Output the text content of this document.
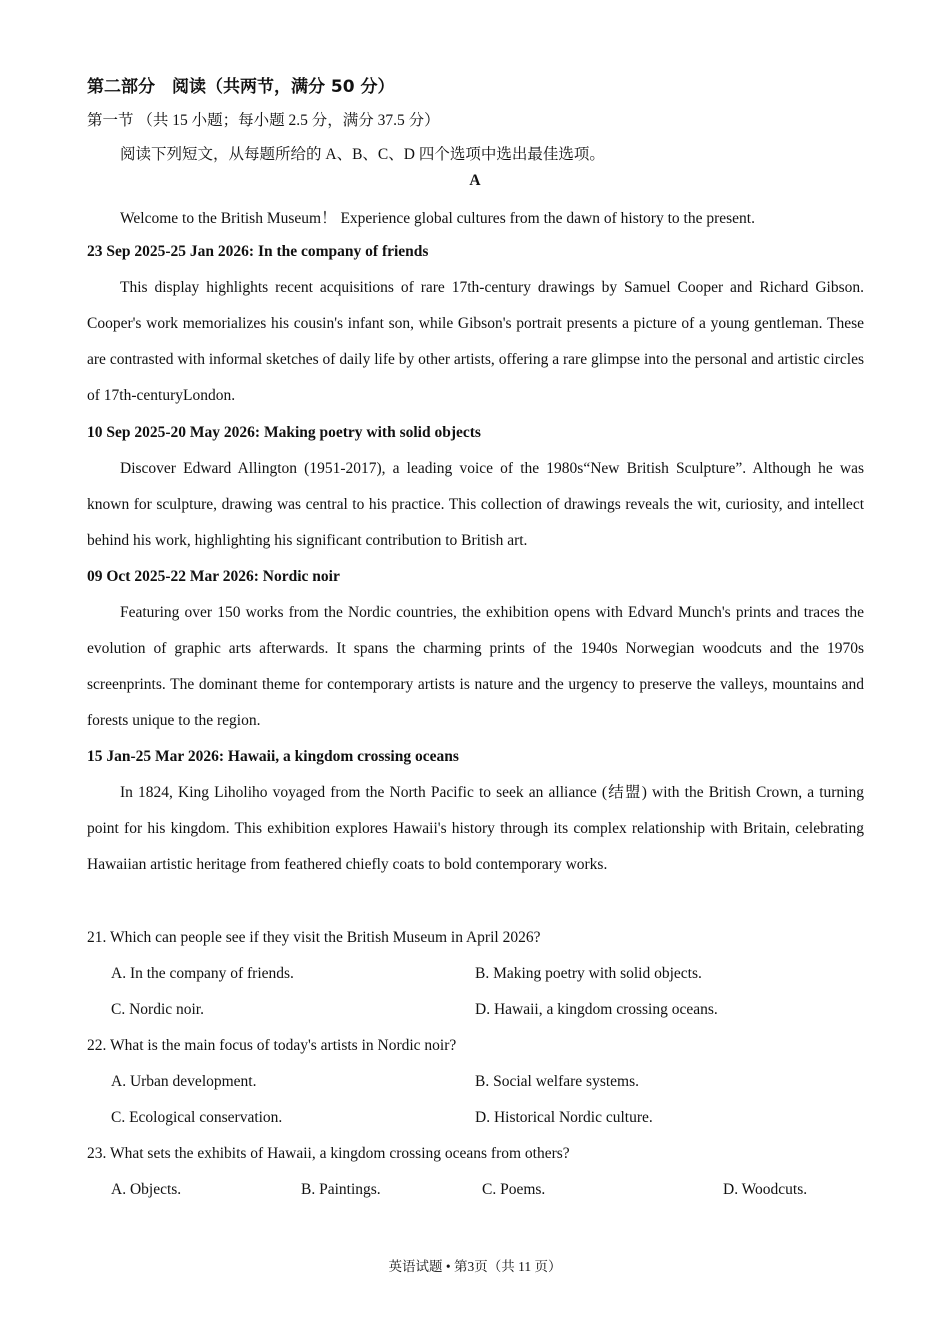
第二部分　阅读（共两节，满分 50 分）
第一节 （共 15 小题；每小题 2.5 分，满分 37.5 分）
阅读下列短文，从每题所给的 A、B、C、D 四个选项中选出最佳选项。
A
Welcome to the British Museum！ Experience global cultures from the dawn of history to the present.
23 Sep 2025-25 Jan 2026: In the company of friends
This display highlights recent acquisitions of rare 17th-century drawings by Samuel Cooper and Richard Gibson. Cooper's work memorializes his cousin's infant son, while Gibson's portrait presents a picture of a young gentleman. These are contrasted with informal sketches of daily life by other artists, offering a rare glimpse into the personal and artistic circles of 17th-centuryLondon.
10 Sep 2025-20 May 2026: Making poetry with solid objects
Discover Edward Allington (1951-2017), a leading voice of the 1980s“New British Sculpture”. Although he was known for sculpture, drawing was central to his practice. This collection of drawings reveals the wit, curiosity, and intellect behind his work, highlighting his significant contribution to British art.
09 Oct 2025-22 Mar 2026: Nordic noir
Featuring over 150 works from the Nordic countries, the exhibition opens with Edvard Munch's prints and traces the evolution of graphic arts afterwards. It spans the charming prints of the 1940s Norwegian woodcuts and the 1970s screenprints. The dominant theme for contemporary artists is nature and the urgency to preserve the valleys, mountains and forests unique to the region.
15 Jan-25 Mar 2026: Hawaii, a kingdom crossing oceans
In 1824, King Liholiho voyaged from the North Pacific to seek an alliance (结盟) with the British Crown, a turning point for his kingdom. This exhibition explores Hawaii's history through its complex relationship with Britain, celebrating Hawaiian artistic heritage from feathered chiefly coats to bold contemporary works.
21. Which can people see if they visit the British Museum in April 2026?
A. In the company of friends.	B. Making poetry with solid objects.
C. Nordic noir.	D. Hawaii, a kingdom crossing oceans.
22. What is the main focus of today's artists in Nordic noir?
A. Urban development.	B. Social welfare systems.
C. Ecological conservation.	D. Historical Nordic culture.
23. What sets the exhibits of Hawaii, a kingdom crossing oceans from others?
A. Objects.	B. Paintings.	C. Poems.	D. Woodcuts.
英语试题 • 第3页（共 11 页）
